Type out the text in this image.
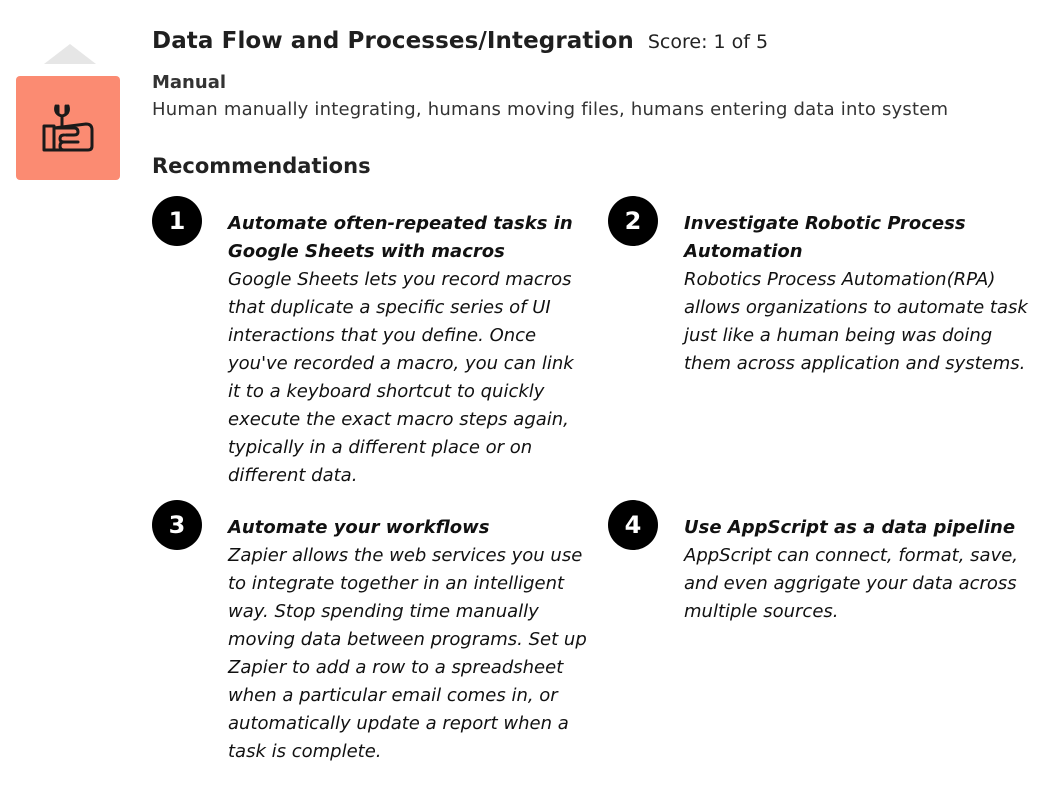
Data Flow and Processes/Integration Score: 1 of 5
Manual
Human manually integrating, humans moving files, humans entering data into system
Recommendations
1	Automate often-repeated tasks in Google Sheets with macros
Google Sheets lets you record macros that duplicate a specific series of UI interactions that you define. Once you've recorded a macro, you can link it to a keyboard shortcut to quickly execute the exact macro steps again, typically in a different place or on different data.
2	Investigate Robotic Process Automation
Robotics Process Automation(RPA) allows organizations to automate task just like a human being was doing them across application and systems.
3	Automate your workflows
Zapier allows the web services you use to integrate together in an intelligent way. Stop spending time manually moving data between programs. Set up Zapier to add a row to a spreadsheet when a particular email comes in, or automatically update a report when a task is complete.
4	Use AppScript as a data pipeline
AppScript can connect, format, save, and even aggrigate your data across multiple sources.
